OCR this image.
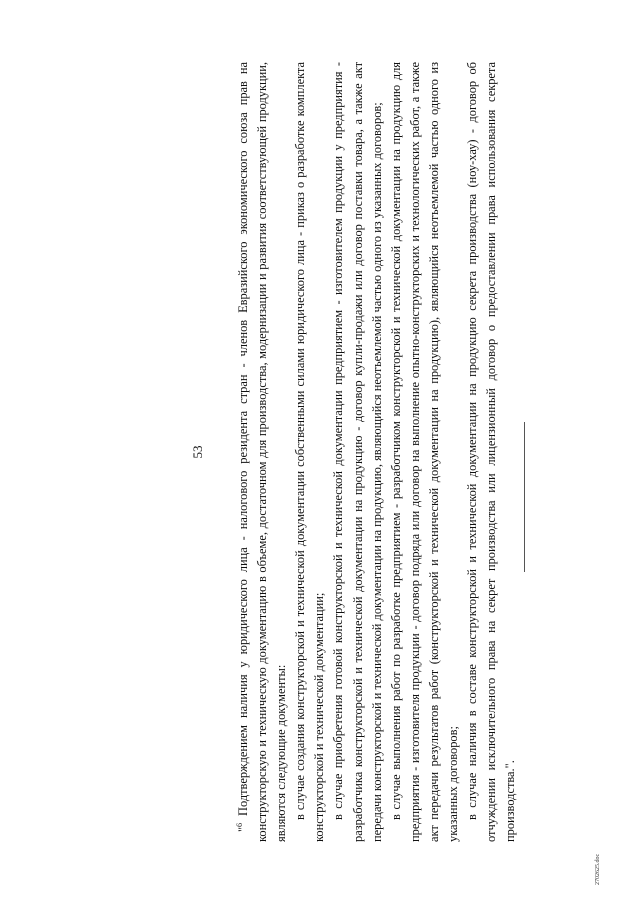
53

"$^6$ Подтверждением наличия у юридического лица - налогового резидента стран - членов Евразийского экономического союза прав на конструкторскую и техническую документацию в объеме, достаточном для производства, модернизации и развития соответствующей продукции, являются следующие документы: в случае создания конструкторской и технической документации собственными силами юридического лица - приказ о разработке комплекта конструкторской и технической документации; в случае приобретения готовой конструкторской и технической документации предприятием - изготовителем продукции у предприятия - разработчика конструкторской и технической документации на продукцию - договор купли-продажи или договор поставки товара, а также акт передачи конструкторской и технической документации на продукцию, являющийся неотъемлемой частью одного из указанных договоров; в случае выполнения работ по разработке предприятием - разработчиком конструкторской и технической документации на продукцию для предприятия - изготовителя продукции - договор подряда или договор на выполнение опытно-конструкторских и технологических работ, а также акт передачи результатов работ (конструкторской и технической документации на продукцию), являющийся неотъемлемой частью одного из указанных договоров; в случае наличия в составе конструкторской и технической документации на продукцию секрета производства (ноу-хау) - договор об отчуждении исключительного права на секрет производства или лицензионный договор о предоставлении права использования секрета производства.".

2702625.doc
